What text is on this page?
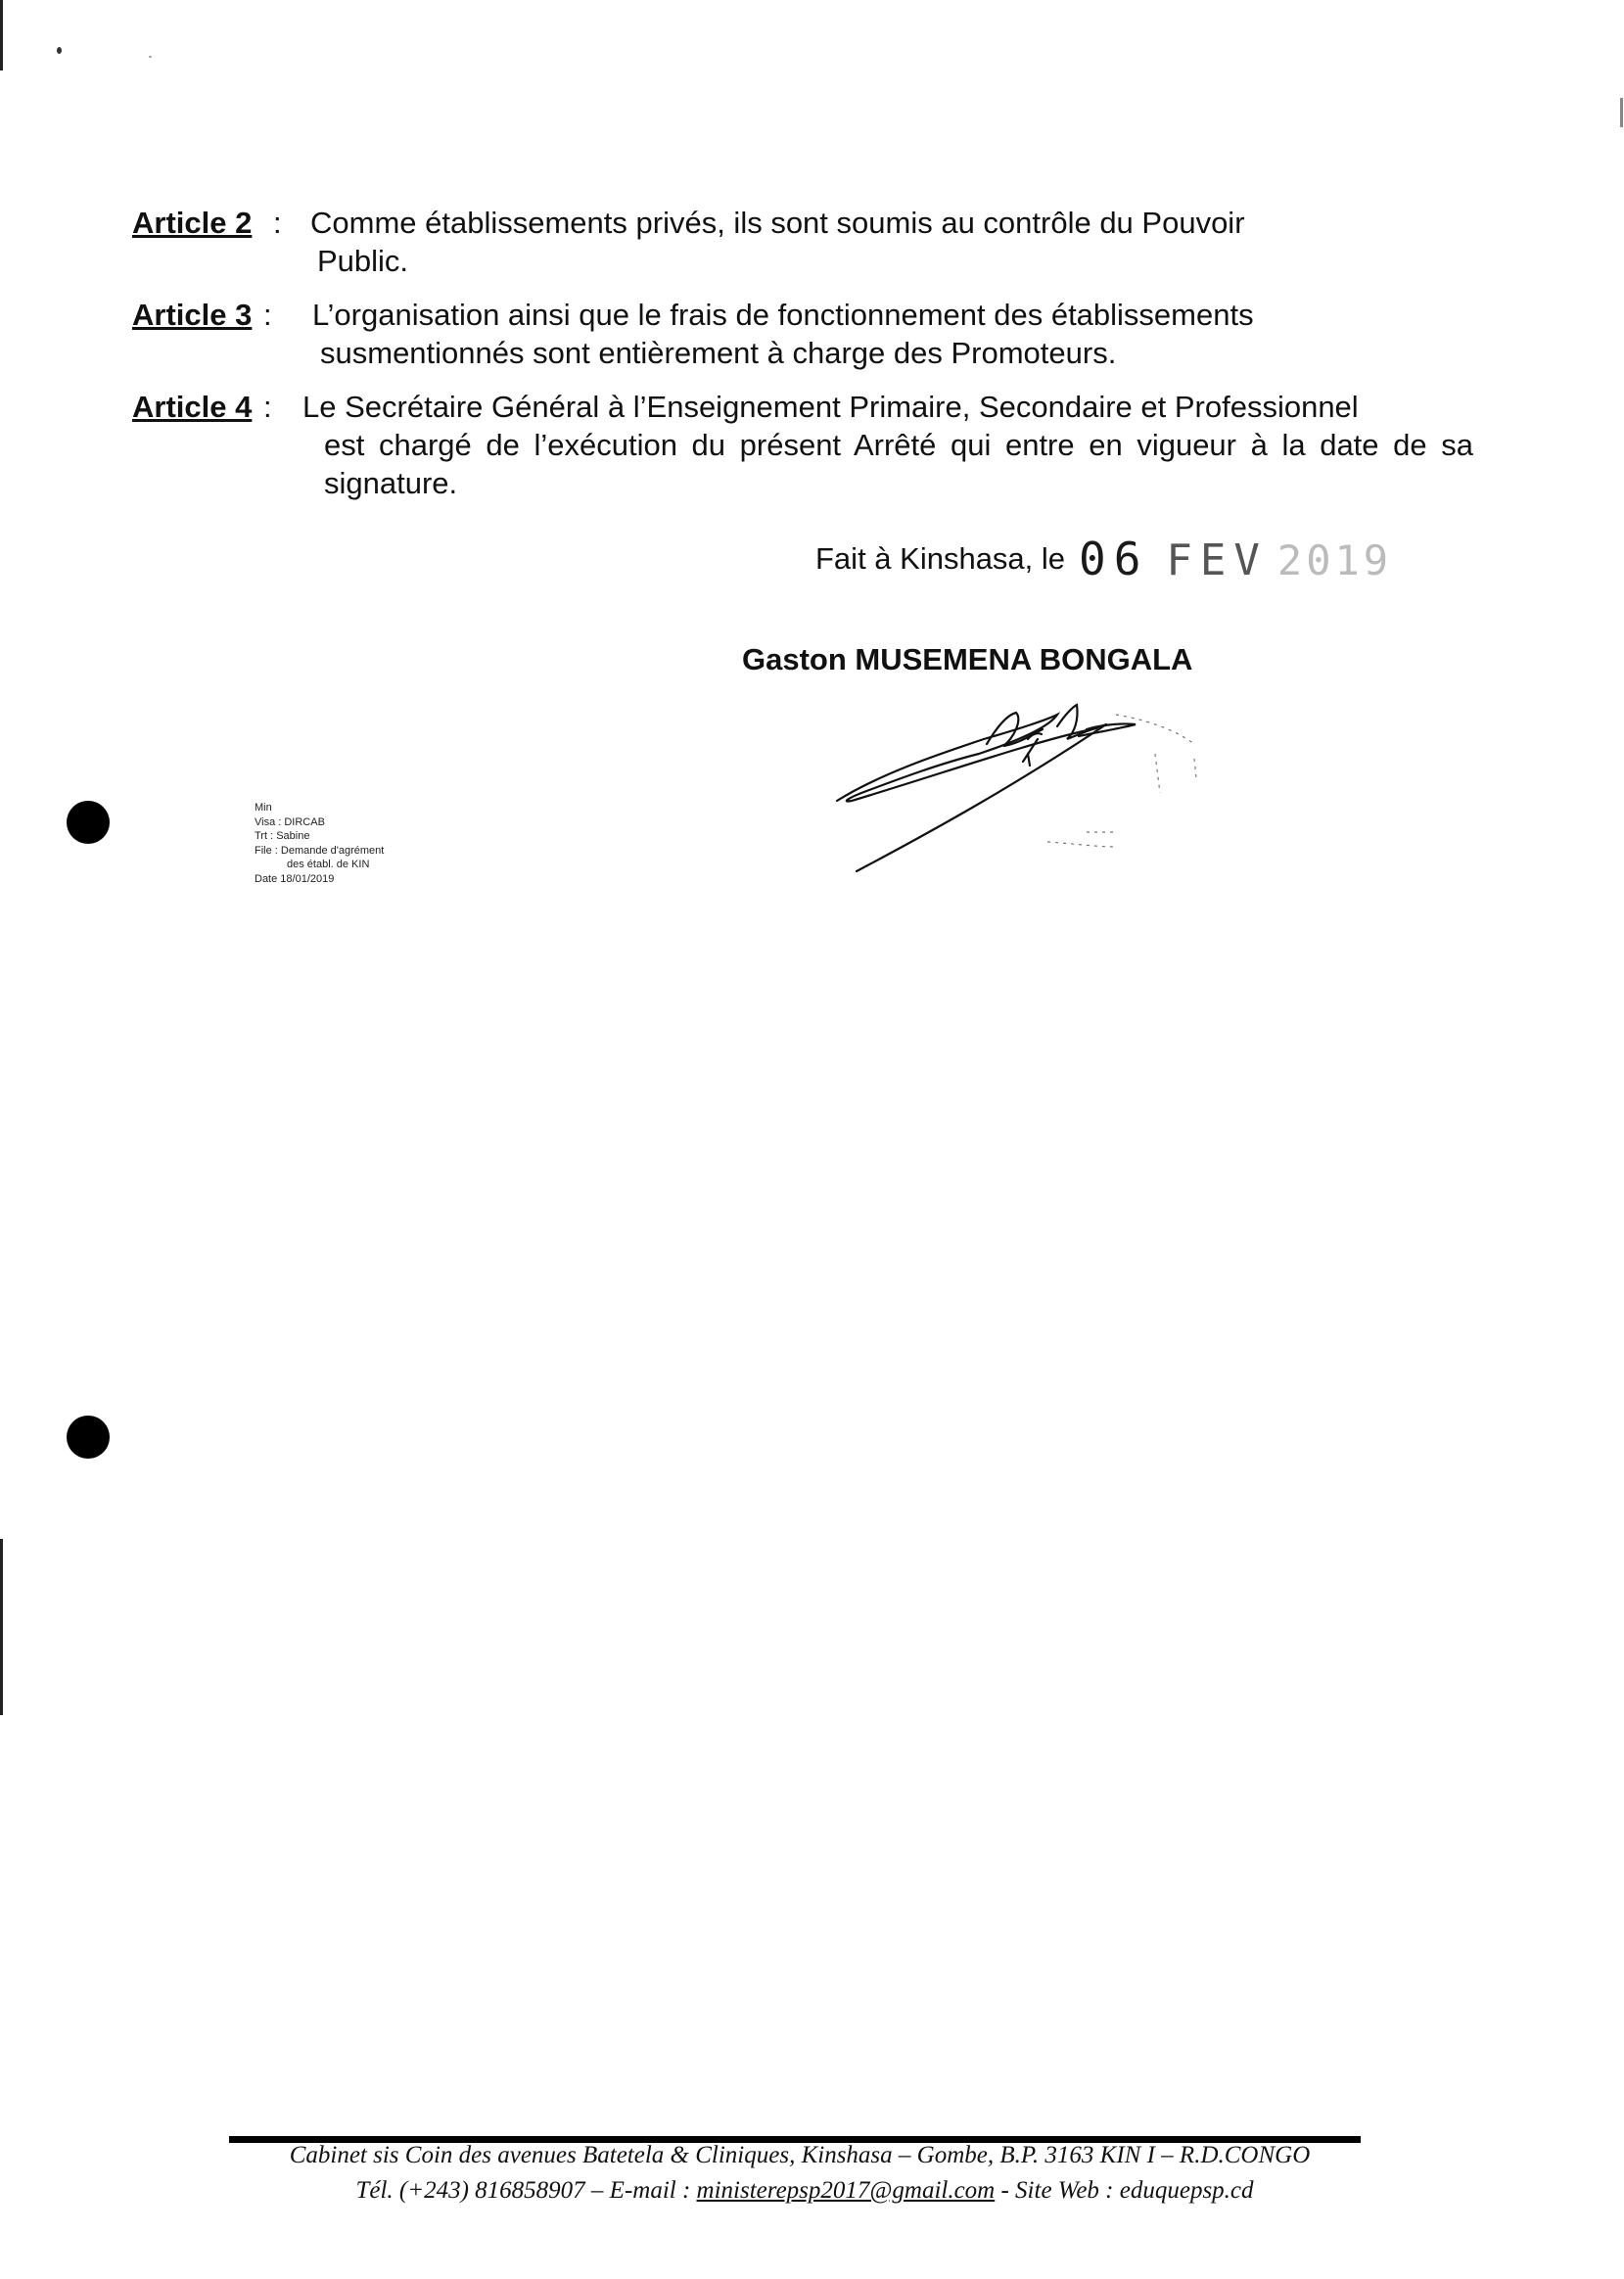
Article 2 : Comme établissements privés, ils sont soumis au contrôle du Pouvoir
Public.
Article 3 : L’organisation ainsi que le frais de fonctionnement des établissements
susmentionnés sont entièrement à charge des Promoteurs.
Article 4 : Le Secrétaire Général à l’Enseignement Primaire, Secondaire et Professionnel
est chargé de l’exécution du présent Arrêté qui entre en vigueur à la date de sa
signature.
Fait à Kinshasa, le 06 FEV 2019
Gaston MUSEMENA BONGALA
Min
Visa : DIRCAB
Trt : Sabine
File : Demande d'agrément
des établ. de KIN
Date 18/01/2019
Cabinet sis Coin des avenues Batetela & Cliniques, Kinshasa – Gombe, B.P. 3163 KIN I – R.D.CONGO
Tél. (+243) 816858907 – E-mail : ministerepsp2017@gmail.com - Site Web : eduquepsp.cd
